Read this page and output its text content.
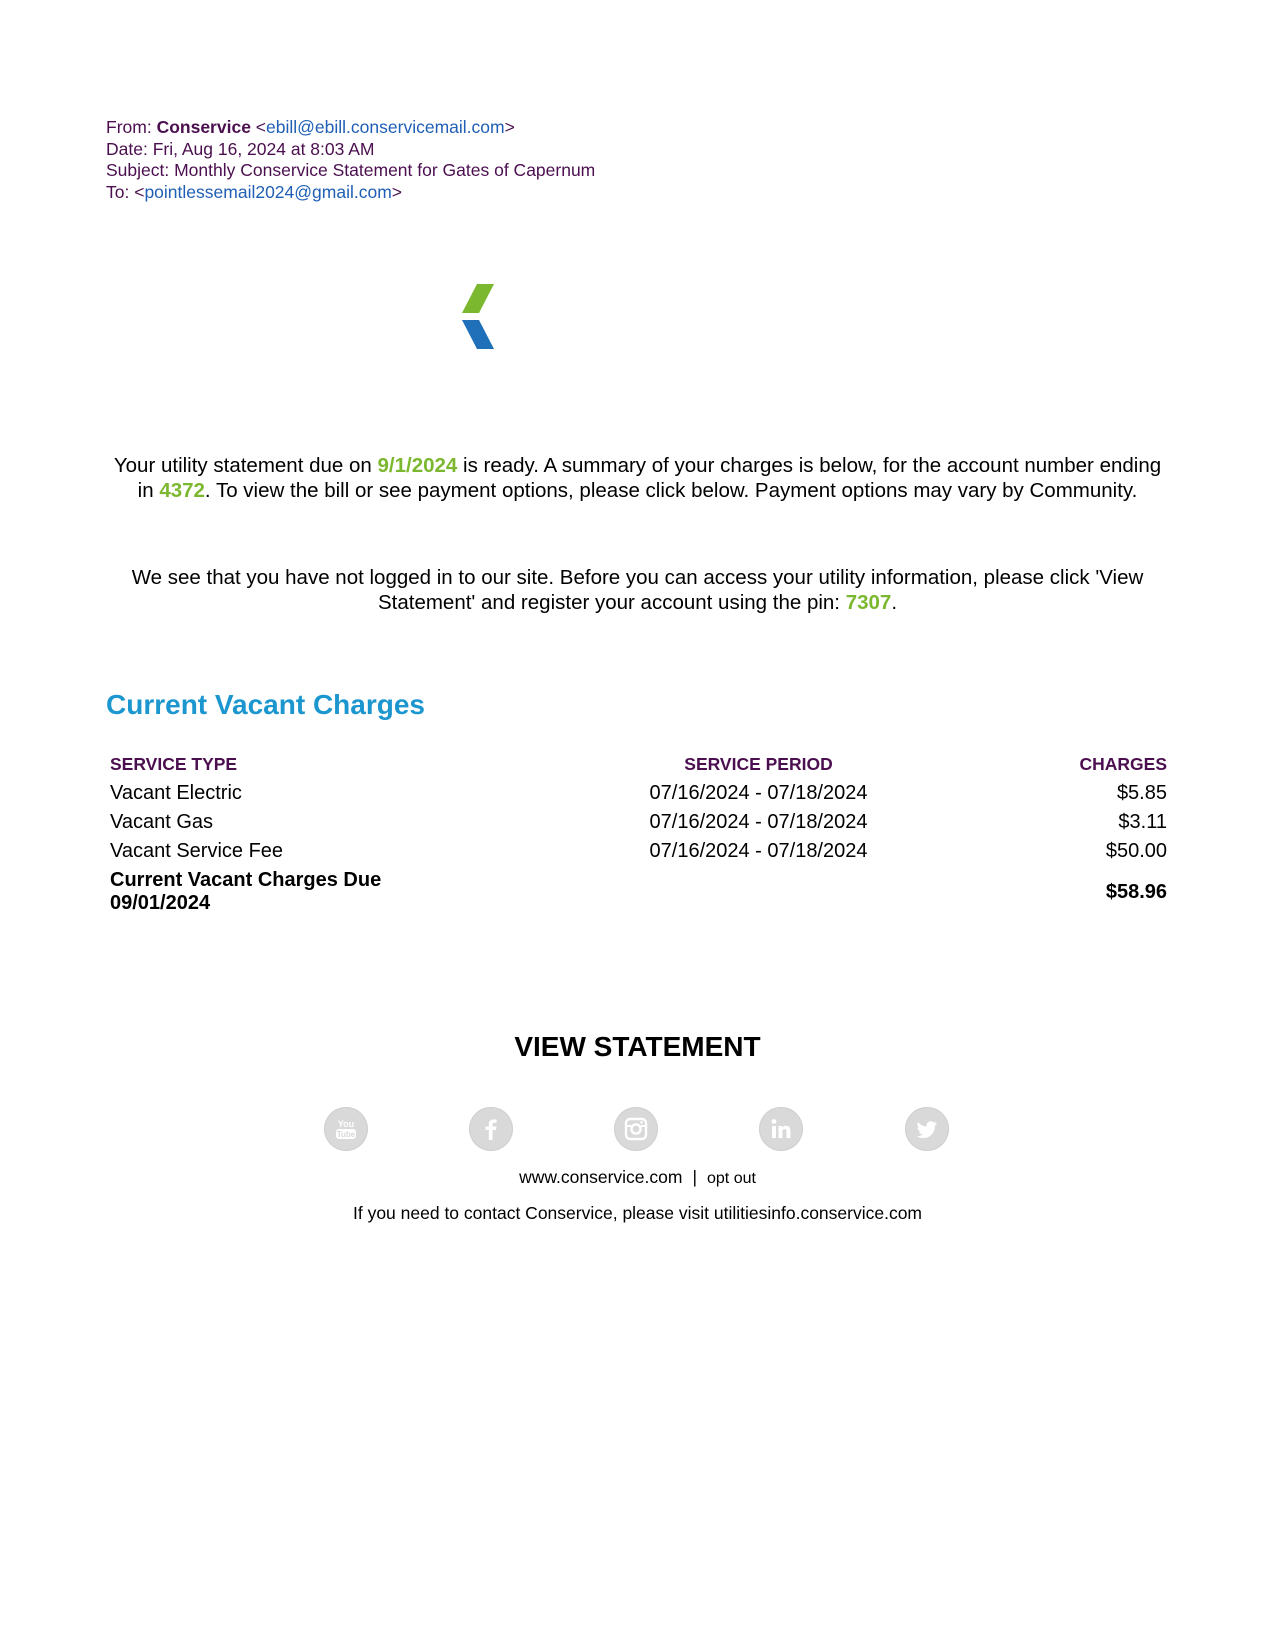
From: Conservice <ebill@ebill.conservicemail.com>
Date: Fri, Aug 16, 2024 at 8:03 AM
Subject: Monthly Conservice Statement for Gates of Capernum
To: <pointlessemail2024@gmail.com>
Your utility statement due on 9/1/2024 is ready. A summary of your charges is below, for the account number ending in 4372. To view the bill or see payment options, please click below. Payment options may vary by Community.
We see that you have not logged in to our site. Before you can access your utility information, please click 'View Statement' and register your account using the pin: 7307.
Current Vacant Charges
SERVICE TYPE	SERVICE PERIOD	CHARGES
Vacant Electric	07/16/2024 - 07/18/2024	$5.85
Vacant Gas	07/16/2024 - 07/18/2024	$3.11
Vacant Service Fee	07/16/2024 - 07/18/2024	$50.00

Current Vacant Charges Due
09/01/2024		$58.96
VIEW STATEMENT
You
Tube
www.conservice.com | opt out
If you need to contact Conservice, please visit utilitiesinfo.conservice.com
